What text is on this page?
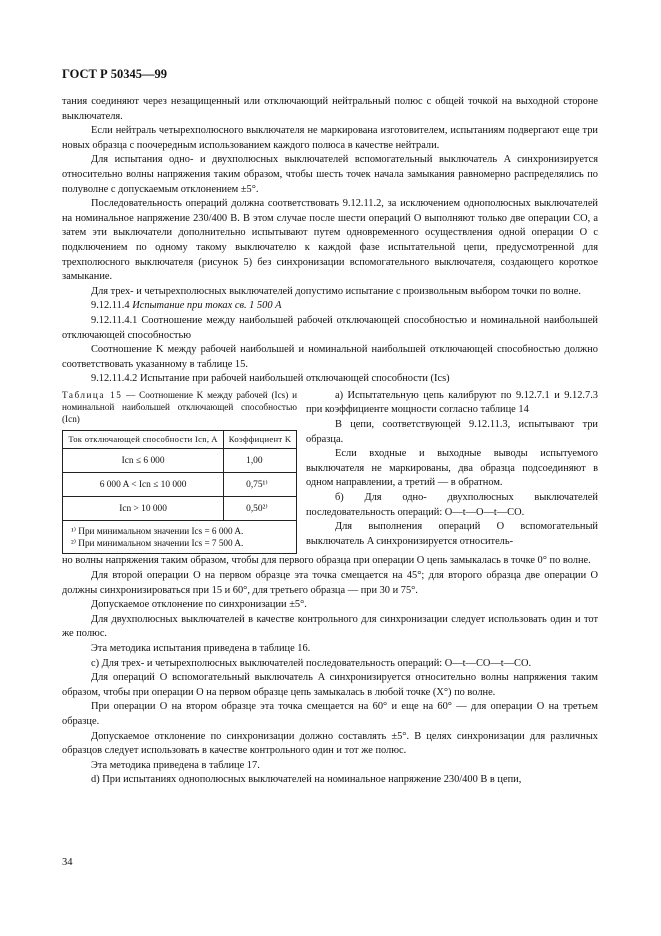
ГОСТ Р 50345—99

тания соединяют через незащищенный или отключающий нейтральный полюс с общей точкой на выходной стороне выключателя.

Если нейтраль четырехполюсного выключателя не маркирована изготовителем, испытаниям подвергают еще три новых образца с поочередным использованием каждого полюса в качестве нейтрали.

Для испытания одно- и двухполюсных выключателей вспомогательный выключатель A синхронизируется относительно волны напряжения таким образом, чтобы шесть точек начала замыкания равномерно распределялись по полуволне с допускаемым отклонением ±5°.

Последовательность операций должна соответствовать 9.12.11.2, за исключением однополюсных выключателей на номинальное напряжение 230/400 В. В этом случае после шести операций O выполняют только две операции CO, а затем эти выключатели дополнительно испытывают путем одновременного осуществления одной операции O с подключением по одному такому выключателю к каждой фазе испытательной цепи, предусмотренной для трехполюсного выключателя (рисунок 5) без синхронизации вспомогательного выключателя, создающего короткое замыкание.

Для трех- и четырехполюсных выключателей допустимо испытание с произвольным выбором точки по волне.

9.12.11.4 Испытание при токах св. 1 500 A

9.12.11.4.1 Соотношение между наибольшей рабочей отключающей способностью и номинальной наибольшей отключающей способностью

Соотношение K между рабочей наибольшей и номинальной наибольшей отключающей способностью должно соответствовать указанному в таблице 15.

9.12.11.4.2 Испытание при рабочей наибольшей отключающей способности (Ics)

Таблица 15 — Соотношение K между рабочей (Ics) и номинальной наибольшей отключающей способностью (Icn)
Ток отключающей способности Icn, A	Коэффициент K
Icn ≤ 6 000	1,00
6 000 A < Icn ≤ 10 000	0,75¹⁾
Icn > 10 000	0,50²⁾

¹⁾ При минимальном значении Ics = 6 000 A.
²⁾ При минимальном значении Ics = 7 500 A.	

a) Испытательную цепь калибруют по 9.12.7.1 и 9.12.7.3 при коэффициенте мощности согласно таблице 14

В цепи, соответствующей 9.12.11.3, испытывают три образца.

Если входные и выходные выводы испытуемого выключателя не маркированы, два образца подсоединяют в одном направлении, а третий — в обратном.

б) Для одно- двухполюсных выключателей последовательность операций: O—t—O—t—CO.

Для выполнения операций O вспомогательный выключатель A синхронизируется относитель-

но волны напряжения таким образом, чтобы для первого образца при операции O цепь замыкалась в точке 0° по волне.

Для второй операции O на первом образце эта точка смещается на 45°; для второго образца две операции O должны синхронизироваться при 15 и 60°, для третьего образца — при 30 и 75°.

Допускаемое отклонение по синхронизации ±5°.

Для двухполюсных выключателей в качестве контрольного для синхронизации следует использовать один и тот же полюс.

Эта методика испытания приведена в таблице 16.

с) Для трех- и четырехполюсных выключателей последовательность операций: O—t—CO—t—CO.

Для операций O вспомогательный выключатель A синхронизируется относительно волны напряжения таким образом, чтобы при операции O на первом образце цепь замыкалась в любой точке (X°) по волне.

При операции O на втором образце эта точка смещается на 60° и еще на 60° — для операции O на третьем образце.

Допускаемое отклонение по синхронизации должно составлять ±5°. В целях синхронизации для различных образцов следует использовать в качестве контрольного один и тот же полюс.

Эта методика приведена в таблице 17.

d) При испытаниях однополюсных выключателей на номинальное напряжение 230/400 В в цепи,

34
